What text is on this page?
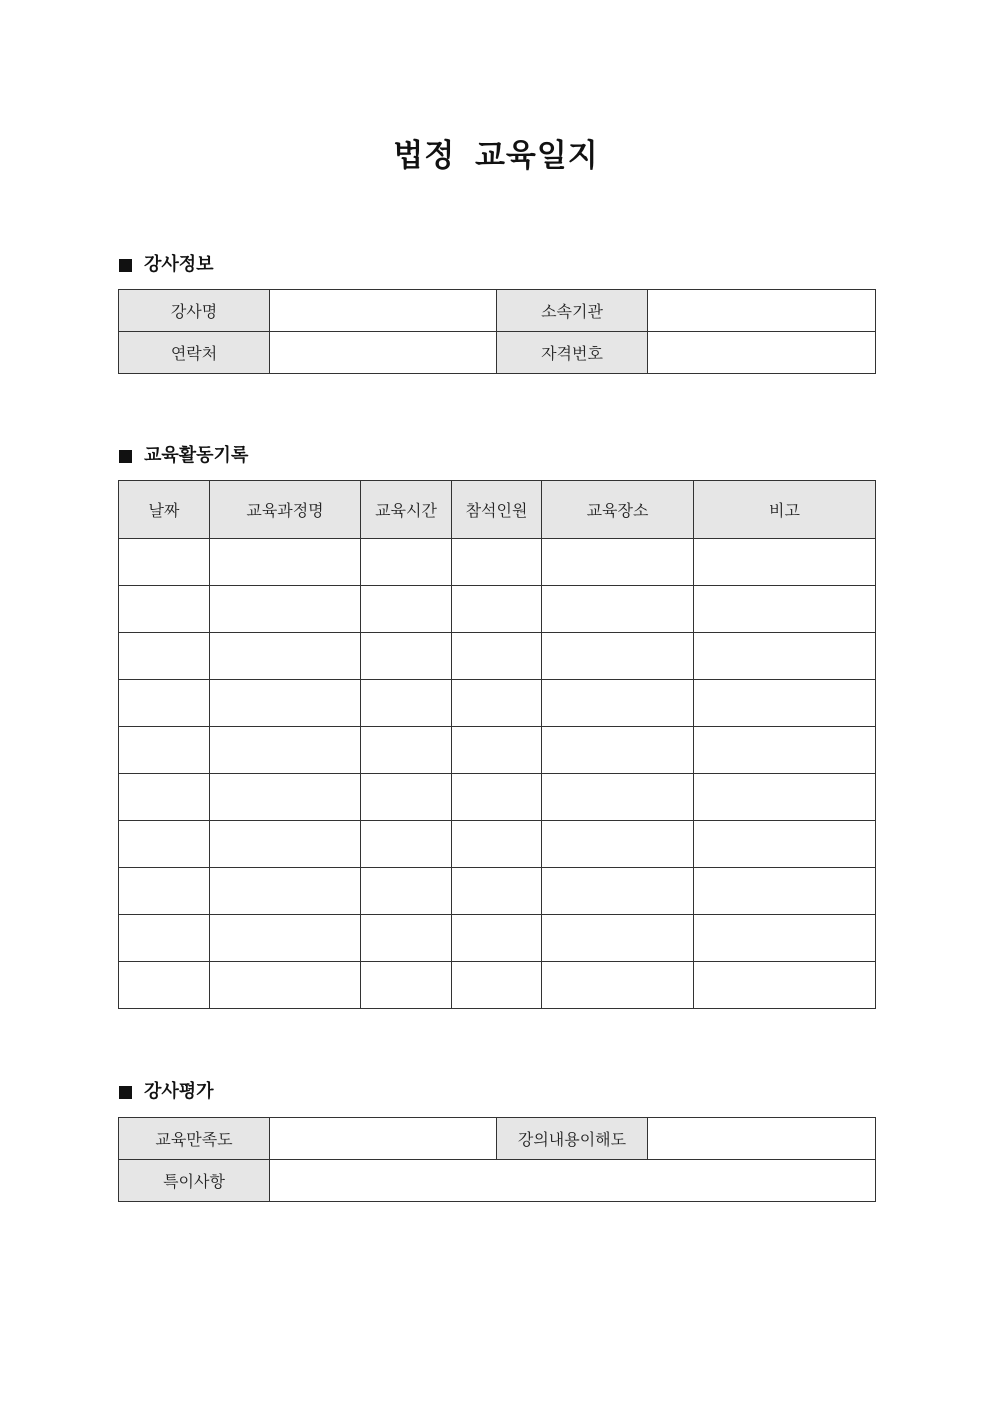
법정 교육일지
강사정보
강사명		소속기관	
연락처		자격번호	
교육활동기록
날짜	교육과정명	교육시간	참석인원	교육장소	비고

강사평가
교육만족도		강의내용이해도	
특이사항			
